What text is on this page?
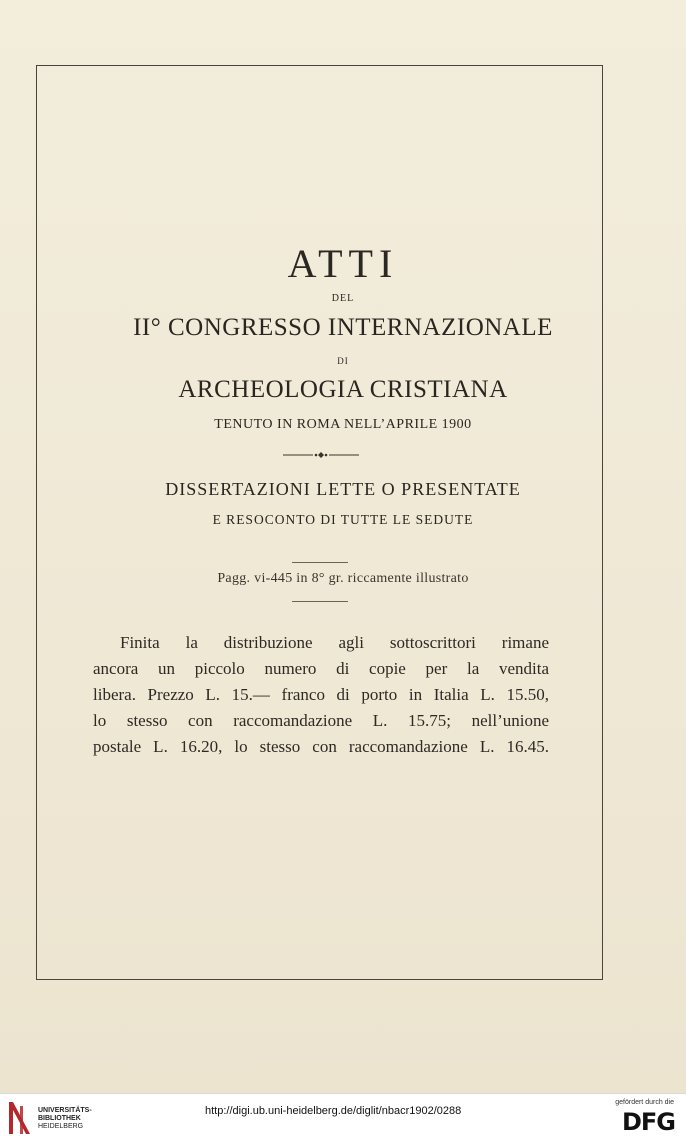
ATTI
DEL
II° CONGRESSO INTERNAZIONALE
DI
ARCHEOLOGIA CRISTIANA
TENUTO IN ROMA NELL’APRILE 1900
DISSERTAZIONI LETTE O PRESENTATE
E RESOCONTO DI TUTTE LE SEDUTE
Pagg. vi-445 in 8° gr. riccamente illustrato
Finita la distribuzione agli sottoscrittori rimane
ancora un piccolo numero di copie per la vendita
libera. Prezzo L. 15.— franco di porto in Italia L. 15.50,
lo stesso con raccomandazione L. 15.75; nell’unione
postale L. 16.20, lo stesso con raccomandazione L. 16.45.
UNIVERSITÄTS-
BIBLIOTHEK
HEIDELBERG
http://digi.ub.uni-heidelberg.de/diglit/nbacr1902/0288
gefördert durch die
DFG
